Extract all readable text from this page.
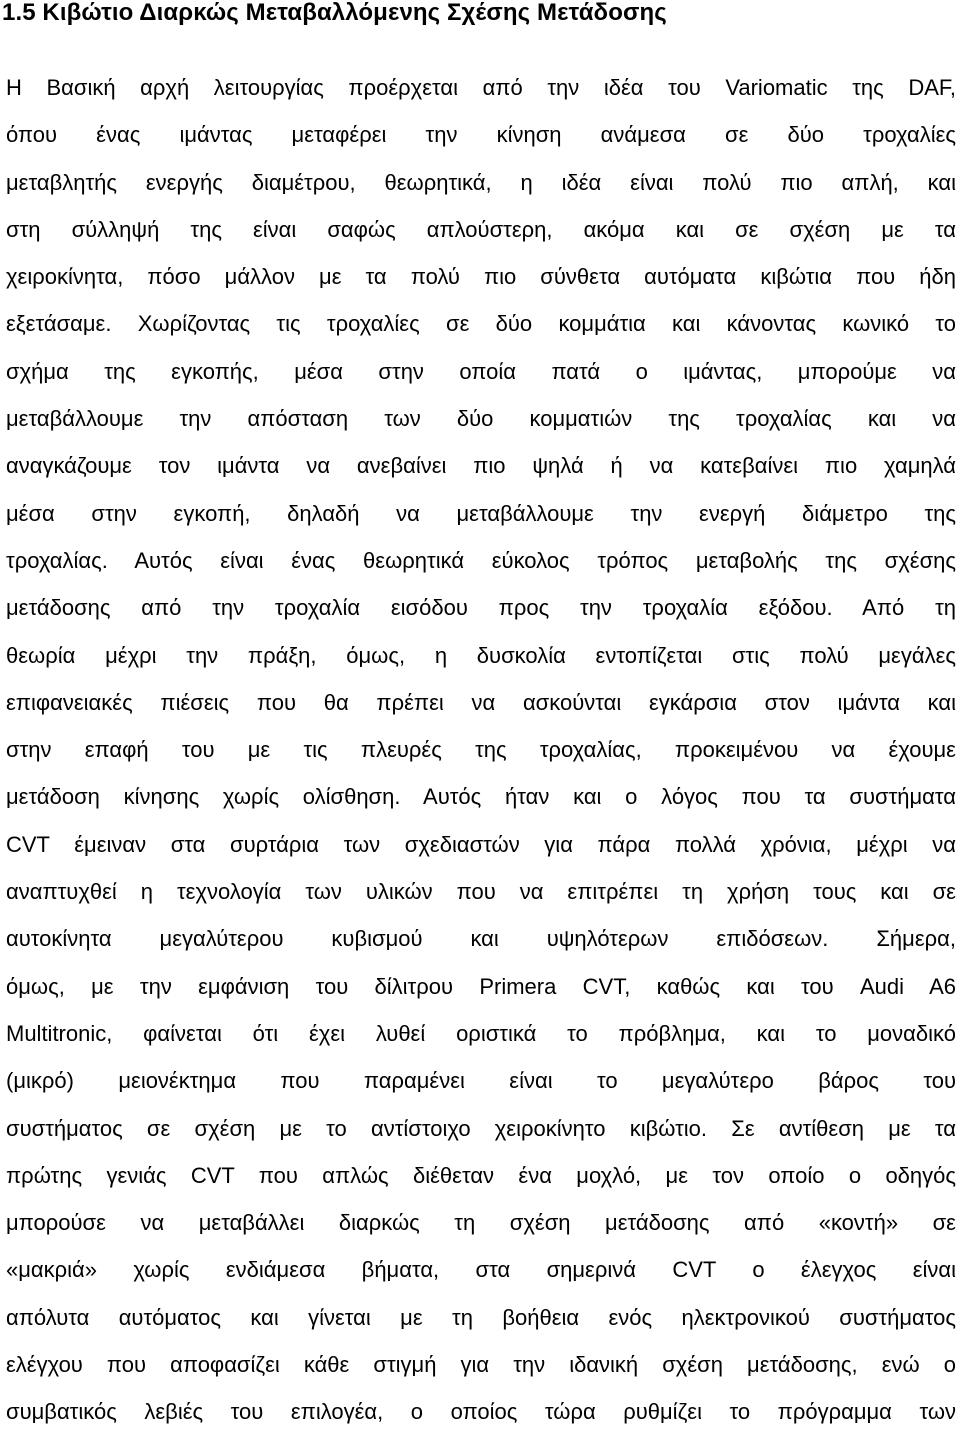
1.5 Κιβώτιο Διαρκώς Μεταβαλλόμενης Σχέσης Μετάδοσης
Η Βασική αρχή λειτουργίας προέρχεται από την ιδέα του Variomatic της DAF,
όπου ένας ιμάντας μεταφέρει την κίνηση ανάμεσα σε δύο τροχαλίες
μεταβλητής ενεργής διαμέτρου, θεωρητικά, η ιδέα είναι πολύ πιο απλή, και
στη σύλληψή της είναι σαφώς απλούστερη, ακόμα και σε σχέση με τα
χειροκίνητα, πόσο μάλλον με τα πολύ πιο σύνθετα αυτόματα κιβώτια που ήδη
εξετάσαμε. Χωρίζοντας τις τροχαλίες σε δύο κομμάτια και κάνοντας κωνικό το
σχήμα της εγκοπής, μέσα στην οποία πατά ο ιμάντας, μπορούμε να
μεταβάλλουμε την απόσταση των δύο κομματιών της τροχαλίας και να
αναγκάζουμε τον ιμάντα να ανεβαίνει πιο ψηλά ή να κατεβαίνει πιο χαμηλά
μέσα στην εγκοπή, δηλαδή να μεταβάλλουμε την ενεργή διάμετρο της
τροχαλίας. Αυτός είναι ένας θεωρητικά εύκολος τρόπος μεταβολής της σχέσης
μετάδοσης από την τροχαλία εισόδου προς την τροχαλία εξόδου. Από τη
θεωρία μέχρι την πράξη, όμως, η δυσκολία εντοπίζεται στις πολύ μεγάλες
επιφανειακές πιέσεις που θα πρέπει να ασκούνται εγκάρσια στον ιμάντα και
στην επαφή του με τις πλευρές της τροχαλίας, προκειμένου να έχουμε
μετάδοση κίνησης χωρίς ολίσθηση. Αυτός ήταν και ο λόγος που τα συστήματα
CVT έμειναν στα συρτάρια των σχεδιαστών για πάρα πολλά χρόνια, μέχρι να
αναπτυχθεί η τεχνολογία των υλικών που να επιτρέπει τη χρήση τους και σε
αυτοκίνητα μεγαλύτερου κυβισμού και υψηλότερων επιδόσεων. Σήμερα,
όμως, με την εμφάνιση του δίλιτρου Primera CVT, καθώς και του Audi A6
Multitronic, φαίνεται ότι έχει λυθεί οριστικά το πρόβλημα, και το μοναδικό
(μικρό) μειονέκτημα που παραμένει είναι το μεγαλύτερο βάρος του
συστήματος σε σχέση με το αντίστοιχο χειροκίνητο κιβώτιο. Σε αντίθεση με τα
πρώτης γενιάς CVT που απλώς διέθεταν ένα μοχλό, με τον οποίο ο οδηγός
μπορούσε να μεταβάλλει διαρκώς τη σχέση μετάδοσης από «κοντή» σε
«μακριά» χωρίς ενδιάμεσα βήματα, στα σημερινά CVT ο έλεγχος είναι
απόλυτα αυτόματος και γίνεται με τη βοήθεια ενός ηλεκτρονικού συστήματος
ελέγχου που αποφασίζει κάθε στιγμή για την ιδανική σχέση μετάδοσης, ενώ ο
συμβατικός λεβιές του επιλογέα, ο οποίος τώρα ρυθμίζει το πρόγραμμα των
